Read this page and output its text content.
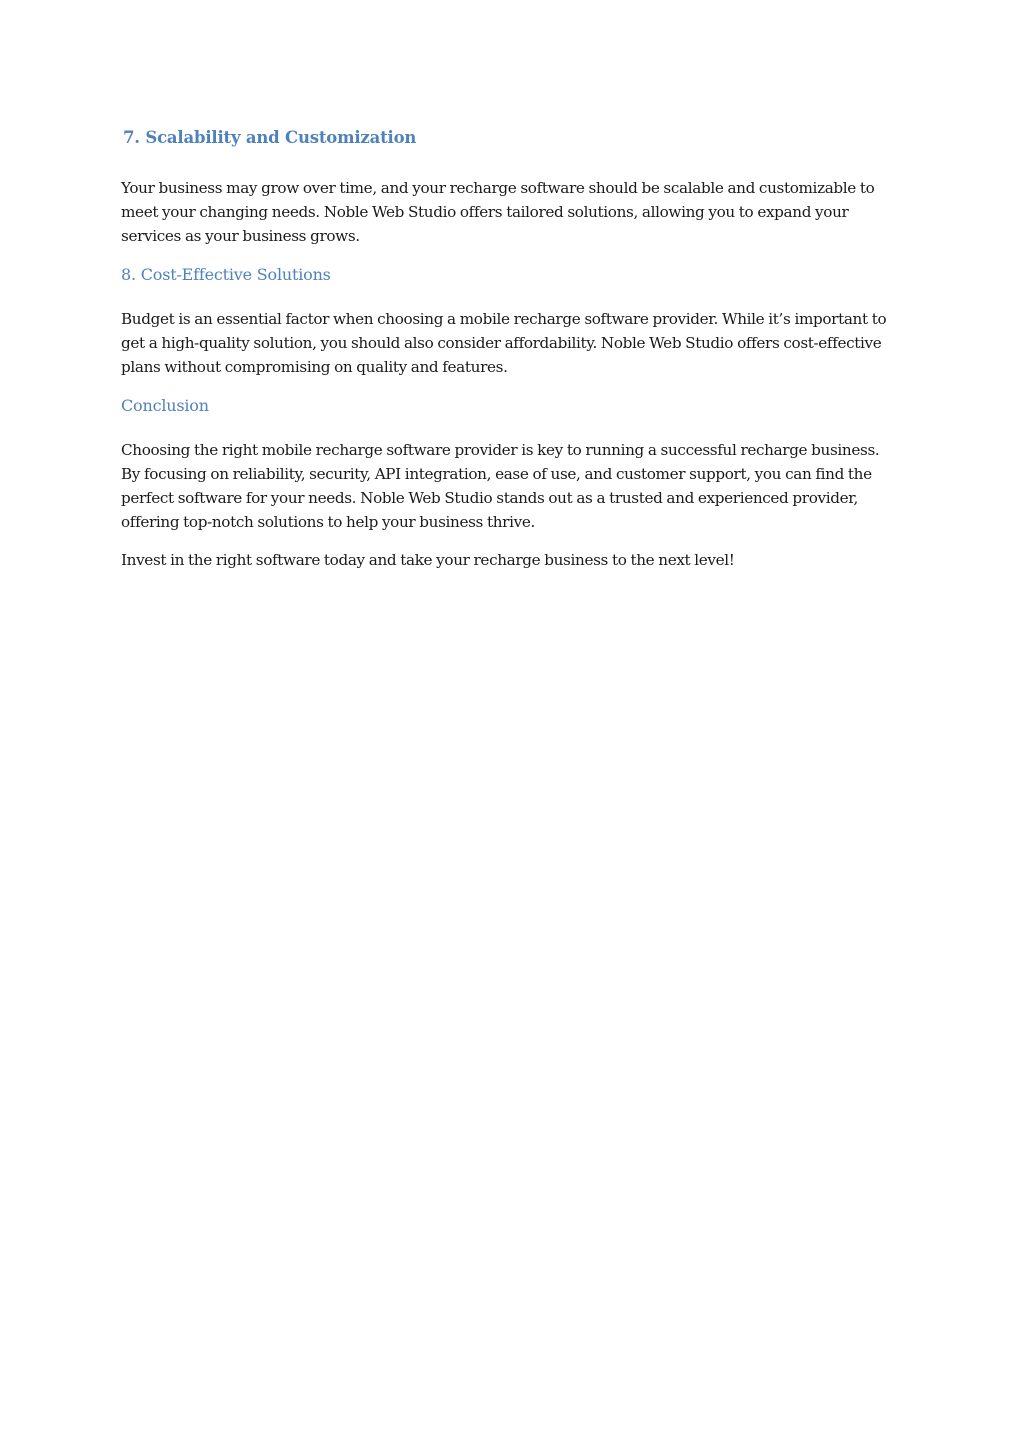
7. Scalability and Customization

Your business may grow over time, and your recharge software should be scalable and customizable to meet your changing needs. Noble Web Studio offers tailored solutions, allowing you to expand your services as your business grows.

8. Cost-Effective Solutions

Budget is an essential factor when choosing a mobile recharge software provider. While it’s important to get a high-quality solution, you should also consider affordability. Noble Web Studio offers cost-effective plans without compromising on quality and features.

Conclusion

Choosing the right mobile recharge software provider is key to running a successful recharge business. By focusing on reliability, security, API integration, ease of use, and customer support, you can find the perfect software for your needs. Noble Web Studio stands out as a trusted and experienced provider, offering top-notch solutions to help your business thrive.

Invest in the right software today and take your recharge business to the next level!
